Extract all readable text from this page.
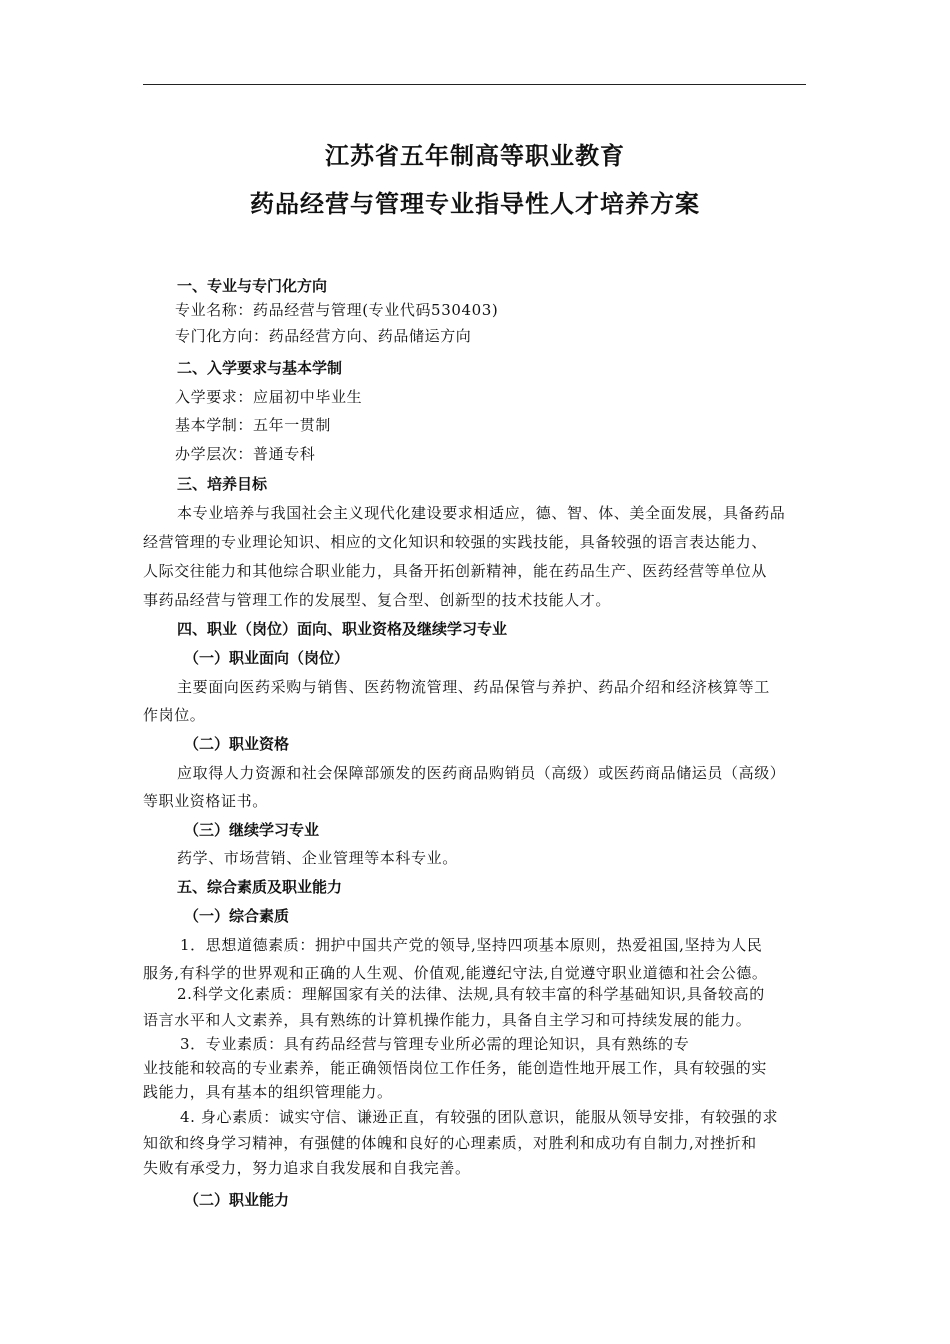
江苏省五年制高等职业教育
药品经营与管理专业指导性人才培养方案
一、专业与专门化方向
专业名称：药品经营与管理(专业代码530403)
专门化方向：药品经营方向、药品储运方向
二、入学要求与基本学制
入学要求：应届初中毕业生
基本学制：五年一贯制
办学层次：普通专科
三、培养目标
本专业培养与我国社会主义现代化建设要求相适应，德、智、体、美全面发展，具备药品
经营管理的专业理论知识、相应的文化知识和较强的实践技能，具备较强的语言表达能力、
人际交往能力和其他综合职业能力，具备开拓创新精神，能在药品生产、医药经营等单位从
事药品经营与管理工作的发展型、复合型、创新型的技术技能人才。
四、职业（岗位）面向、职业资格及继续学习专业
（一）职业面向（岗位）
主要面向医药采购与销售、医药物流管理、药品保管与养护、药品介绍和经济核算等工
作岗位。
（二）职业资格
应取得人力资源和社会保障部颁发的医药商品购销员（高级）或医药商品储运员（高级）
等职业资格证书。
（三）继续学习专业
药学、市场营销、企业管理等本科专业。
五、综合素质及职业能力
（一）综合素质
1．思想道德素质：拥护中国共产党的领导,坚持四项基本原则，热爱祖国,坚持为人民
服务,有科学的世界观和正确的人生观、价值观,能遵纪守法,自觉遵守职业道德和社会公德。
2.科学文化素质：理解国家有关的法律、法规,具有较丰富的科学基础知识,具备较高的
语言水平和人文素养，具有熟练的计算机操作能力，具备自主学习和可持续发展的能力。
3．专业素质：具有药品经营与管理专业所必需的理论知识，具有熟练的专
业技能和较高的专业素养，能正确领悟岗位工作任务，能创造性地开展工作，具有较强的实
践能力，具有基本的组织管理能力。
4. 身心素质：诚实守信、谦逊正直，有较强的团队意识，能服从领导安排，有较强的求
知欲和终身学习精神，有强健的体魄和良好的心理素质，对胜利和成功有自制力,对挫折和
失败有承受力，努力追求自我发展和自我完善。
（二）职业能力
